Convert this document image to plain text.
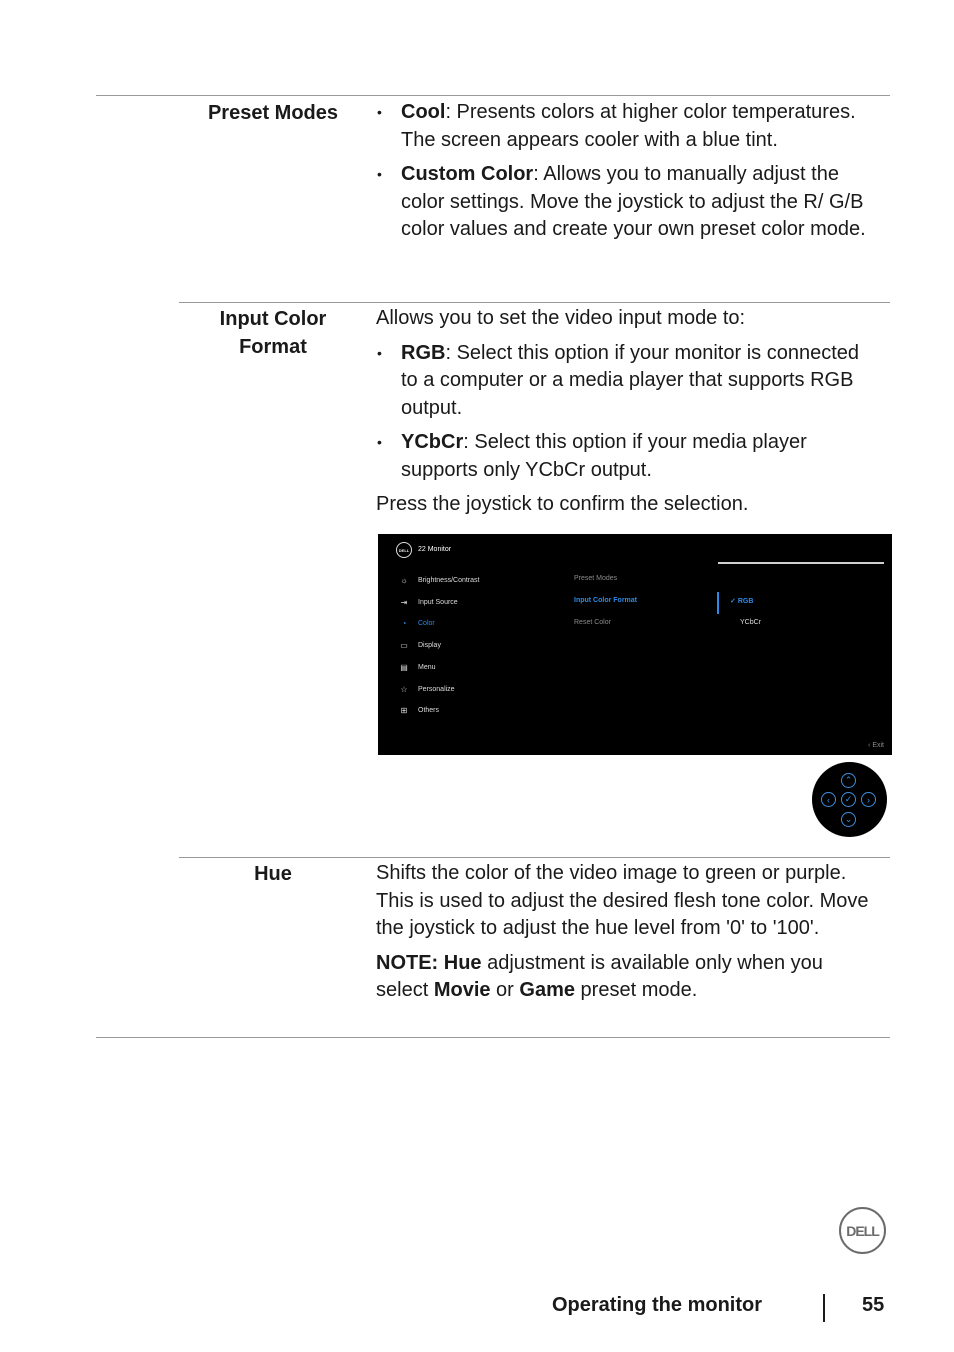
Preset Modes	• Cool: Presents colors at higher color temperatures. The screen appears cooler with a blue tint.
• Custom Color: Allows you to manually adjust the color settings. Move the joystick to adjust the R/ G/B color values and create your own preset color mode.
Input Color
Format

Allows you to set the video input mode to:

• RGB: Select this option if your monitor is connected to a computer or a media player that supports RGB output.
• YCbCr: Select this option if your media player supports only YCbCr output.

Press the joystick to confirm the selection.

DELL	22 Monitor
☼	Brightness/Contrast
⇥	Input Source
◔	Color
▭	Display
▤	Menu
☆	Personalize
⊞	Others
Preset Modes
Input Color Format
Reset Color
✓ RGB
YCbCr
‹ Exit
⌃
‹	✓	›
⌄
Hue	Shifts the color of the video image to green or purple. This is used to adjust the desired flesh tone color. Move the joystick to adjust the hue level from '0' to '100'.

NOTE: Hue adjustment is available only when you select Movie or Game preset mode.

DELL
Operating the monitor	55
